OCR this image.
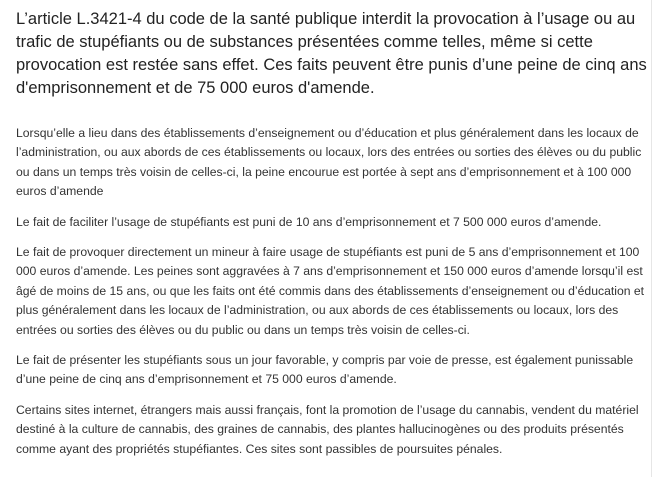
L’article L.3421-4 du code de la santé publique interdit la provocation à l’usage ou au trafic de stupéfiants ou de substances présentées comme telles, même si cette provocation est restée sans effet. Ces faits peuvent être punis d’une peine de cinq ans d'emprisonnement et de 75 000 euros d'amende.

Lorsqu’elle a lieu dans des établissements d’enseignement ou d’éducation et plus généralement dans les locaux de l’administration, ou aux abords de ces établissements ou locaux, lors des entrées ou sorties des élèves ou du public ou dans un temps très voisin de celles-ci, la peine encourue est portée à sept ans d’emprisonnement et à 100 000 euros d’amende

Le fait de faciliter l’usage de stupéfiants est puni de 10 ans d’emprisonnement et 7 500 000 euros d’amende.

Le fait de provoquer directement un mineur à faire usage de stupéfiants est puni de 5 ans d’emprisonnement et 100 000 euros d’amende. Les peines sont aggravées à 7 ans d’emprisonnement et 150 000 euros d’amende lorsqu’il est âgé de moins de 15 ans, ou que les faits ont été commis dans des établissements d’enseignement ou d’éducation et plus généralement dans les locaux de l’administration, ou aux abords de ces établissements ou locaux, lors des entrées ou sorties des élèves ou du public ou dans un temps très voisin de celles-ci.

Le fait de présenter les stupéfiants sous un jour favorable, y compris par voie de presse, est également punissable d’une peine de cinq ans d’emprisonnement et 75 000 euros d’amende.

Certains sites internet, étrangers mais aussi français, font la promotion de l’usage du cannabis, vendent du matériel destiné à la culture de cannabis, des graines de cannabis, des plantes hallucinogènes ou des produits présentés comme ayant des propriétés stupéfiantes. Ces sites sont passibles de poursuites pénales.
